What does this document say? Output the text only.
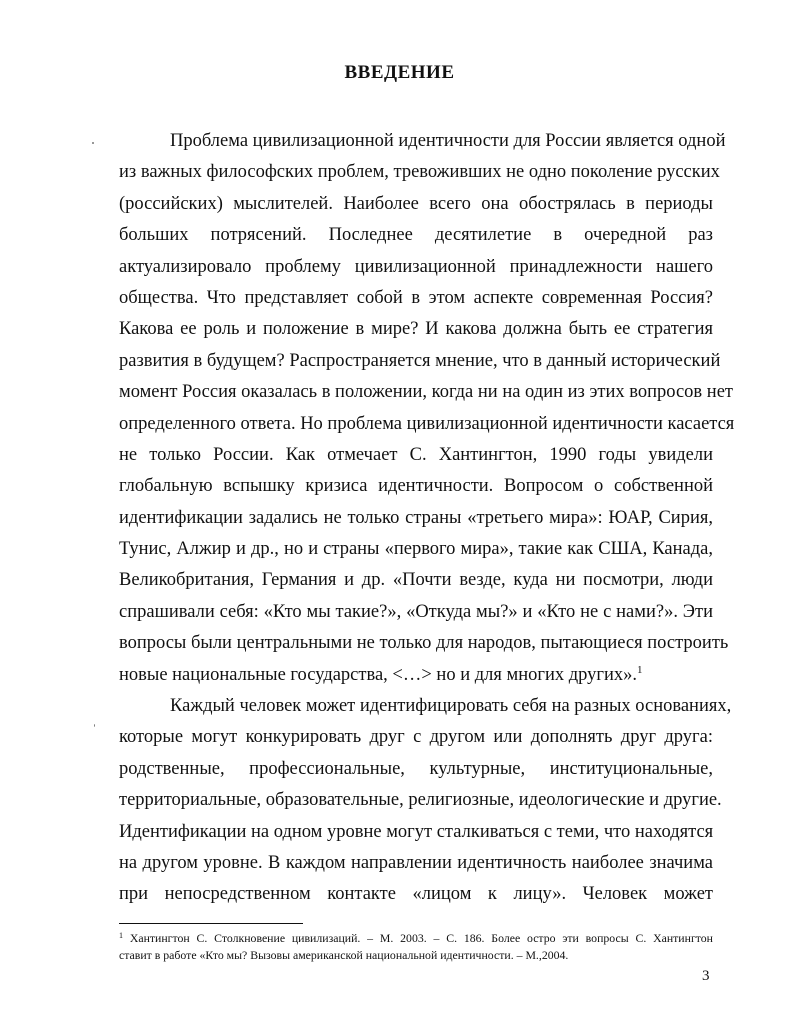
ВВЕДЕНИЕ
Проблема цивилизационной идентичности для России является одной
из важных философских проблем, тревоживших не одно поколение русских
(российских) мыслителей. Наиболее всего она обострялась в периоды
больших потрясений. Последнее десятилетие в очередной раз
актуализировало проблему цивилизационной принадлежности нашего
общества. Что представляет собой в этом аспекте современная Россия?
Какова ее роль и положение в мире? И какова должна быть ее стратегия
развития в будущем? Распространяется мнение, что в данный исторический
момент Россия оказалась в положении, когда ни на один из этих вопросов нет
определенного ответа. Но проблема цивилизационной идентичности касается
не только России. Как отмечает С. Хантингтон, 1990 годы увидели
глобальную вспышку кризиса идентичности. Вопросом о собственной
идентификации задались не только страны «третьего мира»: ЮАР, Сирия,
Тунис, Алжир и др., но и страны «первого мира», такие как США, Канада,
Великобритания, Германия и др. «Почти везде, куда ни посмотри, люди
спрашивали себя: «Кто мы такие?», «Откуда мы?» и «Кто не с нами?». Эти
вопросы были центральными не только для народов, пытающиеся построить
новые национальные государства, <…> но и для многих других».$^1$
Каждый человек может идентифицировать себя на разных основаниях,
которые могут конкурировать друг с другом или дополнять друг друга:
родственные, профессиональные, культурные, институциональные,
территориальные, образовательные, религиозные, идеологические и другие.
Идентификации на одном уровне могут сталкиваться с теми, что находятся
на другом уровне. В каждом направлении идентичность наиболее значима
при непосредственном контакте «лицом к лицу». Человек может
$^1$ Хантингтон С. Столкновение цивилизаций. – М. 2003. – С. 186. Более остро эти вопросы С. Хантингтон
ставит в работе «Кто мы? Вызовы американской национальной идентичности. – М.,2004.
3
